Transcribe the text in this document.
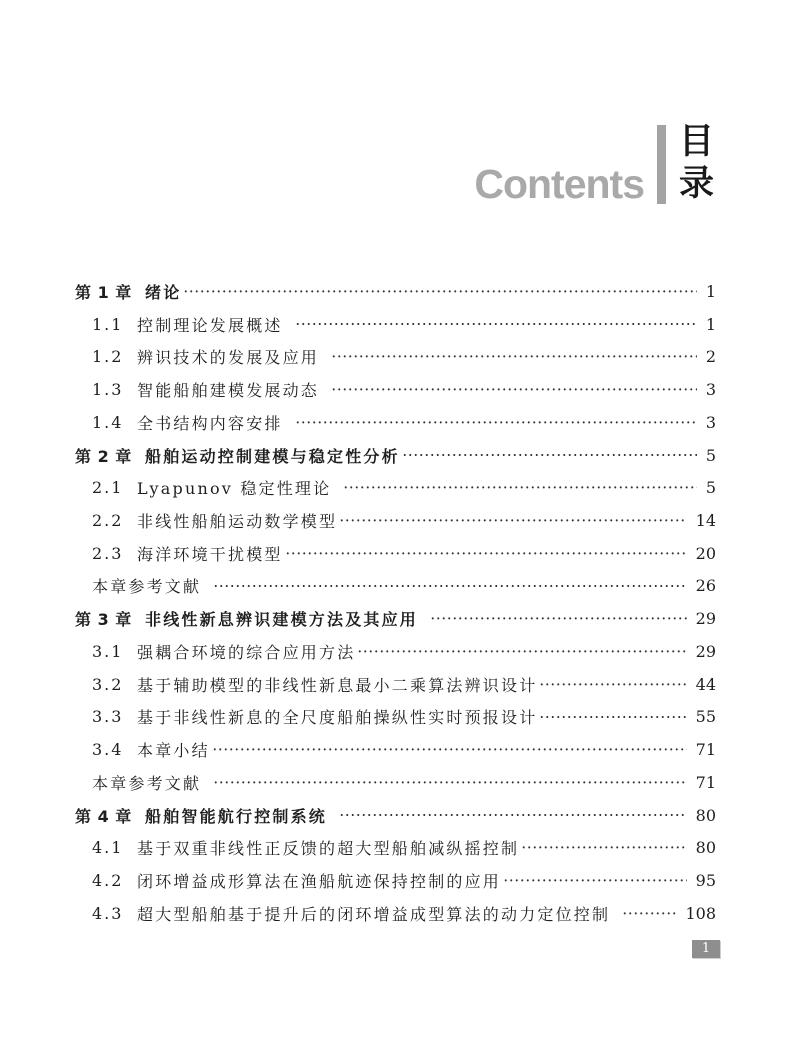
Contents
目
录
第 1 章 绪论	1
1.1 控制理论发展概述	1
1.2 辨识技术的发展及应用	2
1.3 智能船舶建模发展动态	3
1.4 全书结构内容安排	3
第 2 章 船舶运动控制建模与稳定性分析	5
2.1 Lyapunov 稳定性理论	5
2.2 非线性船舶运动数学模型	14
2.3 海洋环境干扰模型	20
本章参考文献	26
第 3 章 非线性新息辨识建模方法及其应用	29
3.1 强耦合环境的综合应用方法	29
3.2 基于辅助模型的非线性新息最小二乘算法辨识设计	44
3.3 基于非线性新息的全尺度船舶操纵性实时预报设计	55
3.4 本章小结	71
本章参考文献	71
第 4 章 船舶智能航行控制系统	80
4.1 基于双重非线性正反馈的超大型船舶减纵摇控制	80
4.2 闭环增益成形算法在渔船航迹保持控制的应用	95
4.3 超大型船舶基于提升后的闭环增益成型算法的动力定位控制	108
1
